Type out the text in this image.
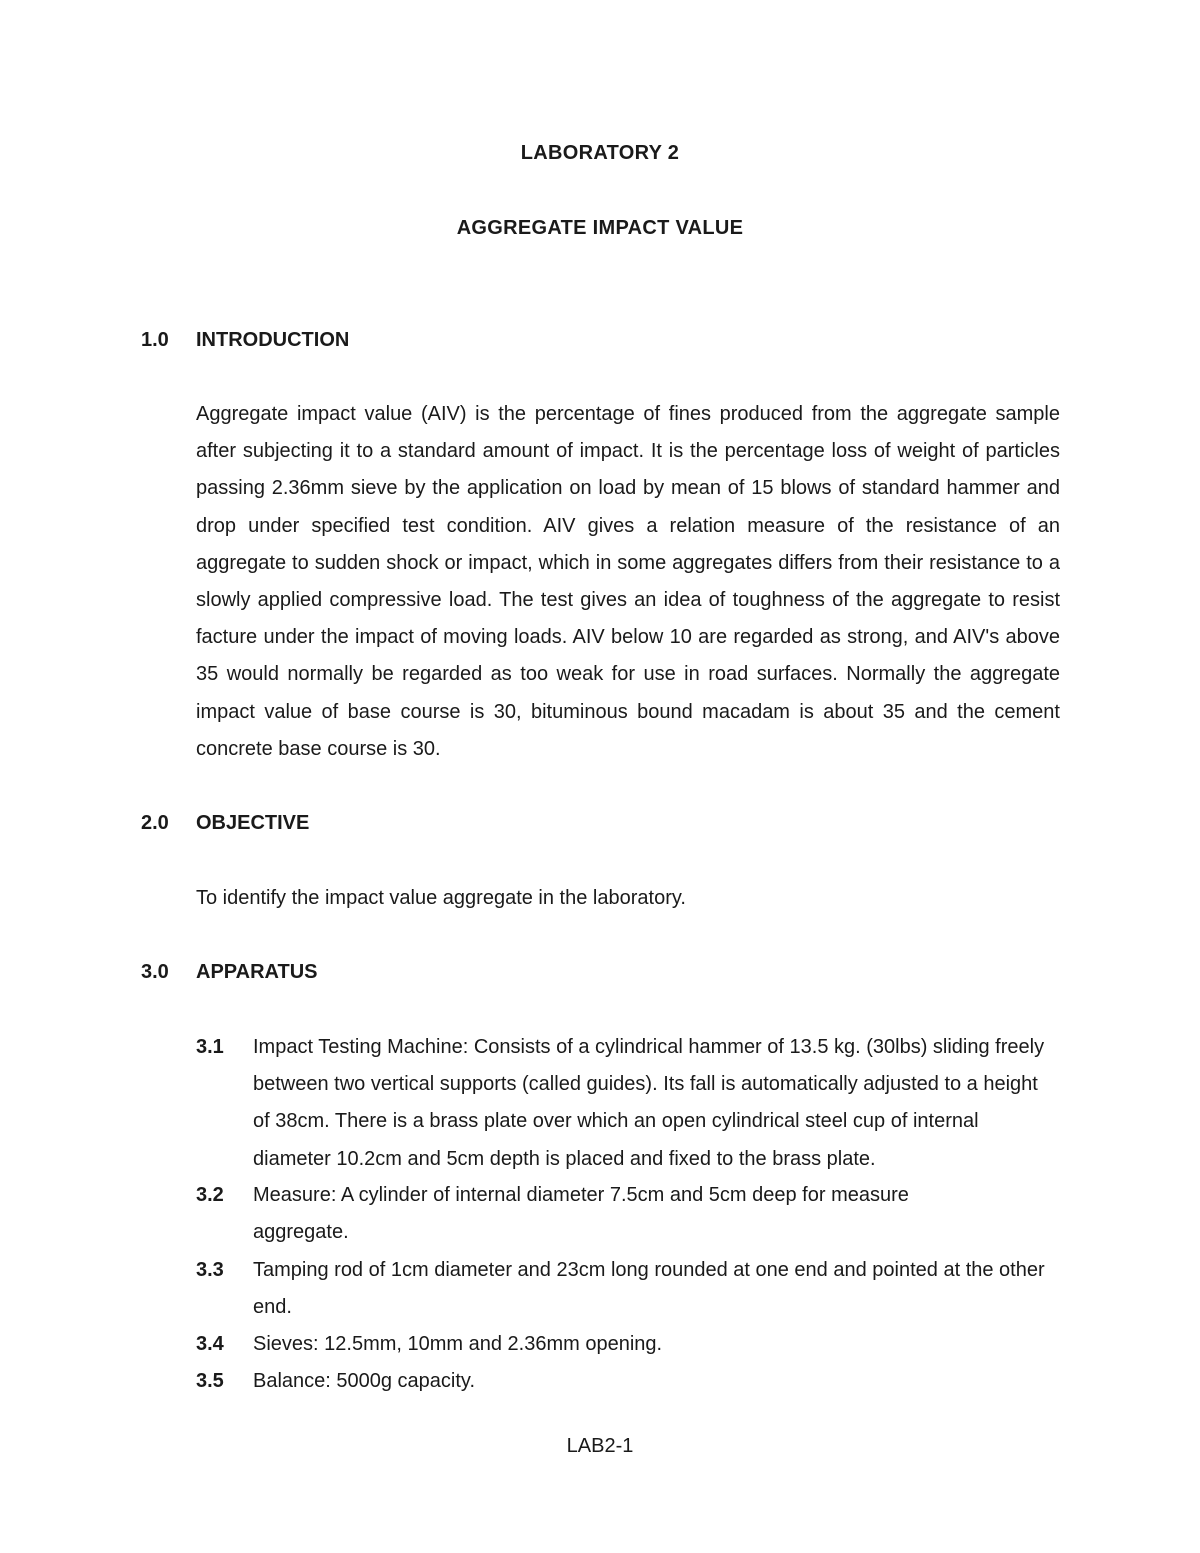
LABORATORY 2
AGGREGATE IMPACT VALUE
1.0 INTRODUCTION

Aggregate impact value (AIV) is the percentage of fines produced from the aggregate sample after subjecting it to a standard amount of impact. It is the percentage loss of weight of particles passing 2.36mm sieve by the application on load by mean of 15 blows of standard hammer and drop under specified test condition. AIV gives a relation measure of the resistance of an aggregate to sudden shock or impact, which in some aggregates differs from their resistance to a slowly applied compressive load. The test gives an idea of toughness of the aggregate to resist facture under the impact of moving loads. AIV below 10 are regarded as strong, and AIV's above 35 would normally be regarded as too weak for use in road surfaces. Normally the aggregate impact value of base course is 30, bituminous bound macadam is about 35 and the cement concrete base course is 30.

2.0 OBJECTIVE
To identify the impact value aggregate in the laboratory.
3.0 APPARATUS
3.1 Impact Testing Machine: Consists of a cylindrical hammer of 13.5 kg. (30lbs) sliding freely between two vertical supports (called guides). Its fall is automatically adjusted to a height of 38cm. There is a brass plate over which an open cylindrical steel cup of internal diameter 10.2cm and 5cm depth is placed and fixed to the brass plate.
3.2 Measure: A cylinder of internal diameter 7.5cm and 5cm deep for measure aggregate.
3.3 Tamping rod of 1cm diameter and 23cm long rounded at one end and pointed at the other end.
3.4 Sieves: 12.5mm, 10mm and 2.36mm opening.
3.5 Balance: 5000g capacity.
LAB2-1
